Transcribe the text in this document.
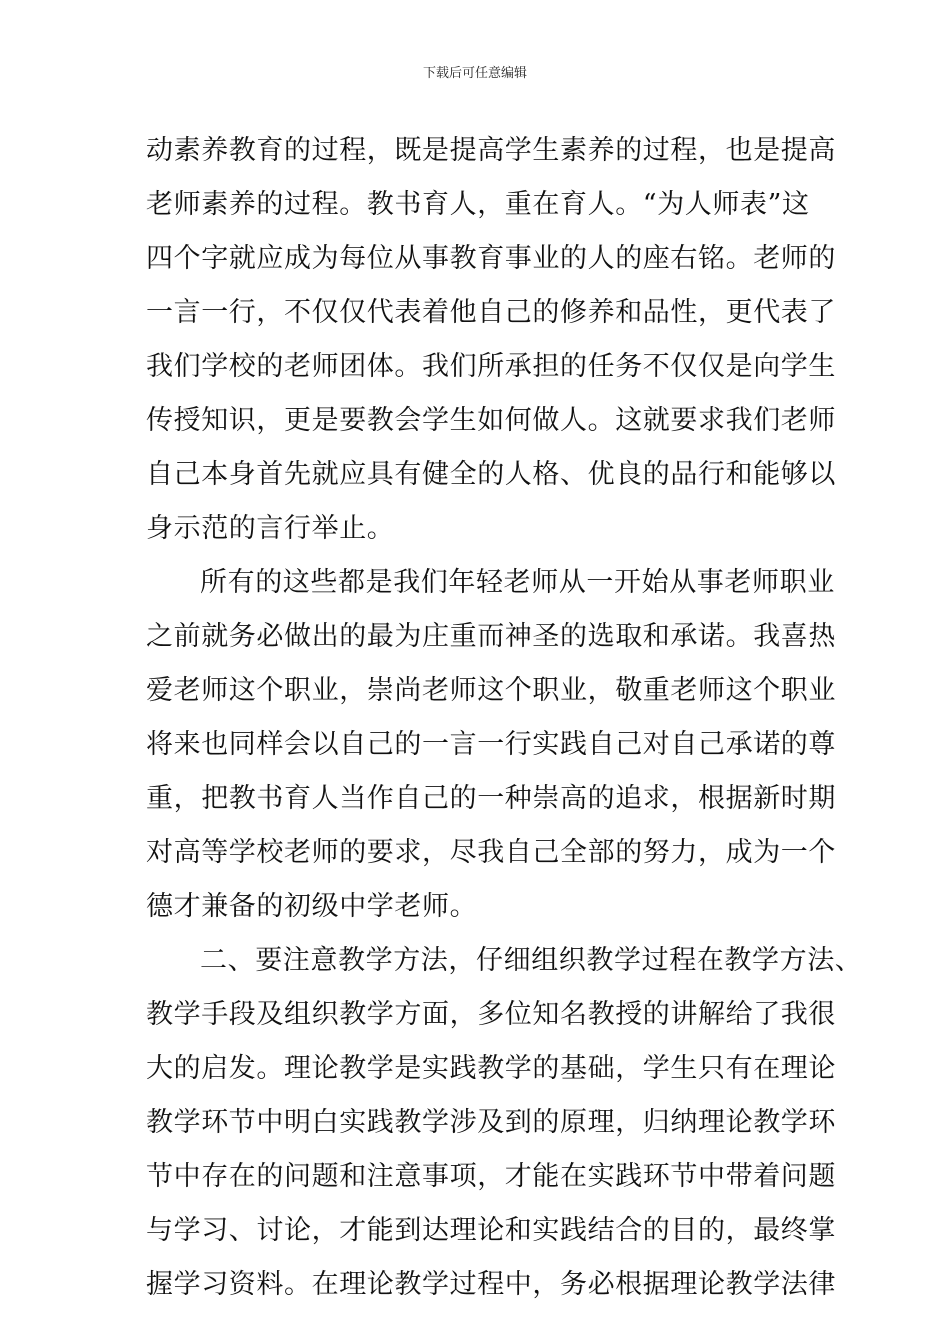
下载后可任意编辑
动素养教育的过程，既是提高学生素养的过程，也是提高
老师素养的过程。教书育人，重在育人。“为人师表”这
四个字就应成为每位从事教育事业的人的座右铭。老师的
一言一行，不仅仅代表着他自己的修养和品性，更代表了
我们学校的老师团体。我们所承担的任务不仅仅是向学生
传授知识，更是要教会学生如何做人。这就要求我们老师
自己本身首先就应具有健全的人格、优良的品行和能够以
身示范的言行举止。
所有的这些都是我们年轻老师从一开始从事老师职业
之前就务必做出的最为庄重而神圣的选取和承诺。我喜热
爱老师这个职业，崇尚老师这个职业，敬重老师这个职业
将来也同样会以自己的一言一行实践自己对自己承诺的尊
重，把教书育人当作自己的一种崇高的追求，根据新时期
对高等学校老师的要求，尽我自己全部的努力，成为一个
德才兼备的初级中学老师。
二、要注意教学方法，仔细组织教学过程在教学方法、
教学手段及组织教学方面，多位知名教授的讲解给了我很
大的启发。理论教学是实践教学的基础，学生只有在理论
教学环节中明白实践教学涉及到的原理，归纳理论教学环
节中存在的问题和注意事项，才能在实践环节中带着问题
与学习、讨论，才能到达理论和实践结合的目的，最终掌
握学习资料。在理论教学过程中，务必根据理论教学法律
